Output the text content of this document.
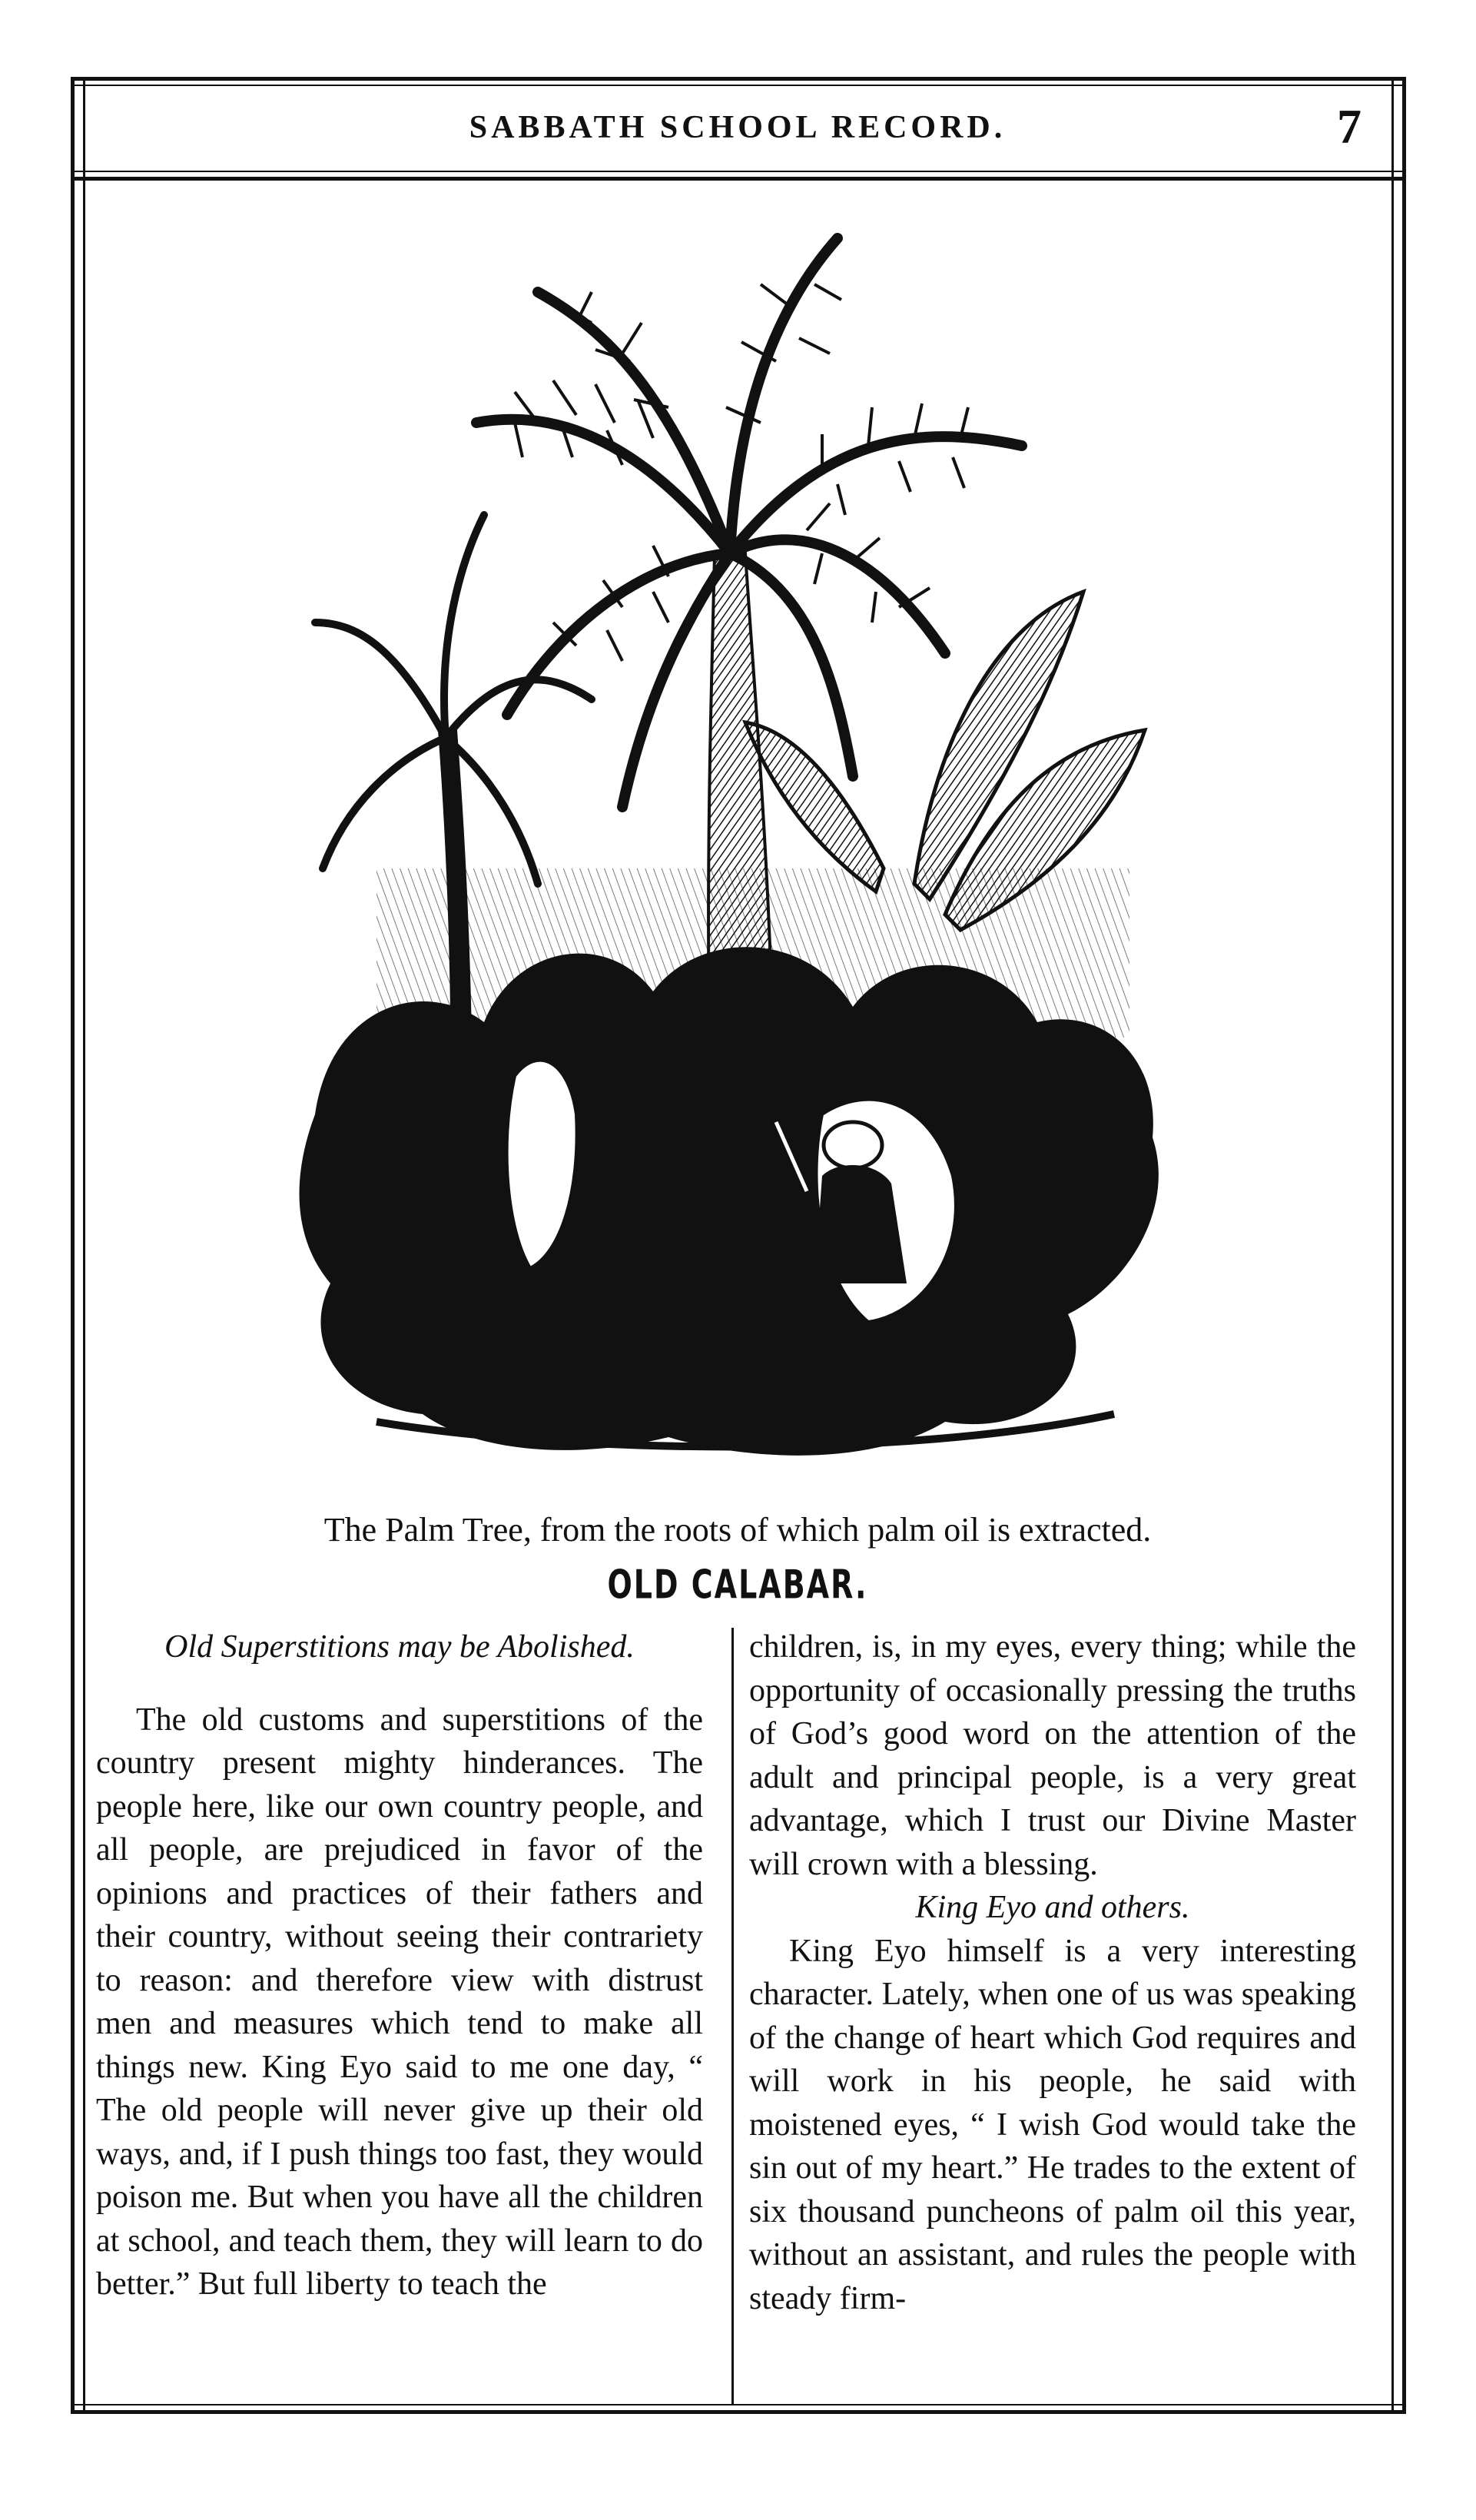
SABBATH SCHOOL RECORD.	7
The Palm Tree, from the roots of which palm oil is extracted.
OLD CALABAR.

Old Superstitions may be Abolished.

The old customs and superstitions of the country present mighty hinderances. The people here, like our own country people, and all people, are prejudiced in favor of the opinions and practices of their fathers and their country, without seeing their contrariety to reason: and therefore view with distrust men and measures which tend to make all things new. King Eyo said to me one day, “ The old people will never give up their old ways, and, if I push things too fast, they would poison me. But when you have all the children at school, and teach them, they will learn to do better.” But full liberty to teach the

children, is, in my eyes, every thing; while the opportunity of occasionally pressing the truths of God’s good word on the attention of the adult and principal people, is a very great advantage, which I trust our Divine Master will crown with a blessing.

King Eyo and others.

King Eyo himself is a very interesting character. Lately, when one of us was speaking of the change of heart which God requires and will work in his people, he said with moistened eyes, “ I wish God would take the sin out of my heart.” He trades to the extent of six thousand puncheons of palm oil this year, without an assistant, and rules the people with steady firm-
